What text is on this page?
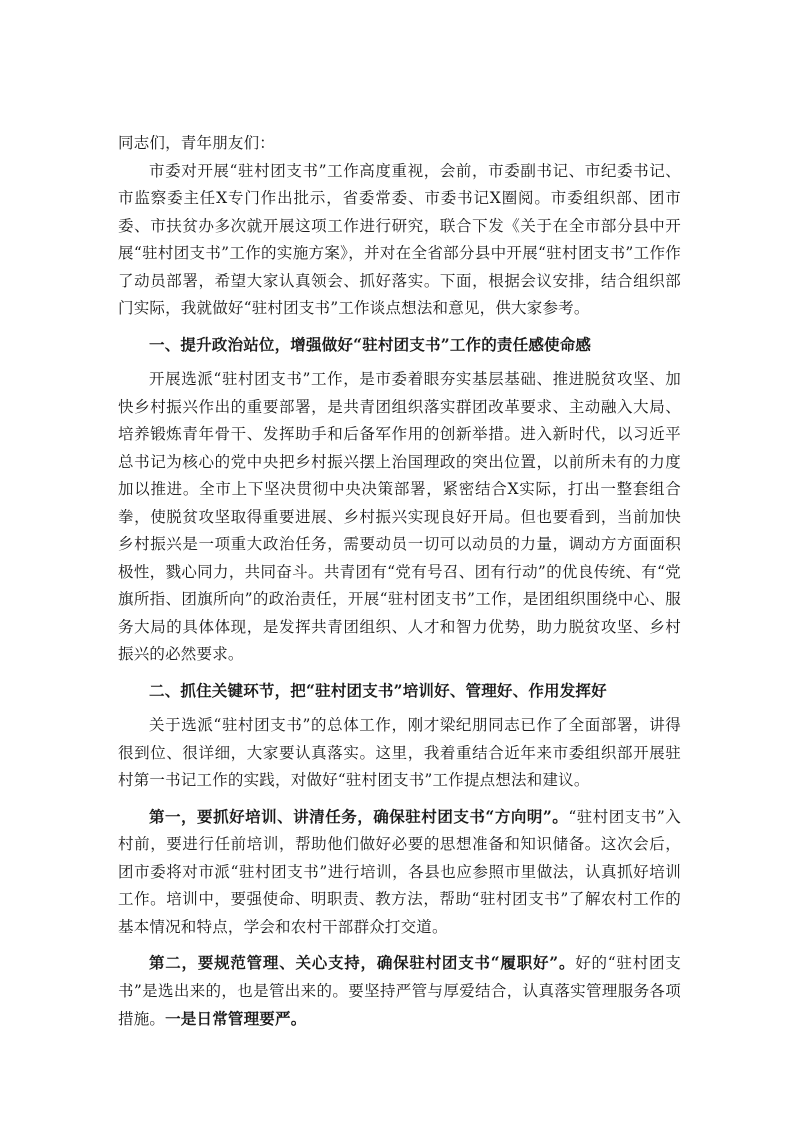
同志们，青年朋友们：

市委对开展“驻村团支书”工作高度重视，会前，市委副书记、市纪委书记、市监察委主任X专门作出批示，省委常委、市委书记X圈阅。市委组织部、团市委、市扶贫办多次就开展这项工作进行研究，联合下发《关于在全市部分县中开展“驻村团支书”工作的实施方案》，并对在全省部分县中开展“驻村团支书”工作作了动员部署，希望大家认真领会、抓好落实。下面，根据会议安排，结合组织部门实际，我就做好“驻村团支书”工作谈点想法和意见，供大家参考。

一、提升政治站位，增强做好“驻村团支书”工作的责任感使命感

开展选派“驻村团支书”工作，是市委着眼夯实基层基础、推进脱贫攻坚、加快乡村振兴作出的重要部署，是共青团组织落实群团改革要求、主动融入大局、培养锻炼青年骨干、发挥助手和后备军作用的创新举措。进入新时代，以习近平总书记为核心的党中央把乡村振兴摆上治国理政的突出位置，以前所未有的力度加以推进。全市上下坚决贯彻中央决策部署，紧密结合X实际，打出一整套组合拳，使脱贫攻坚取得重要进展、乡村振兴实现良好开局。但也要看到，当前加快乡村振兴是一项重大政治任务，需要动员一切可以动员的力量，调动方方面面积极性，戮心同力，共同奋斗。共青团有“党有号召、团有行动”的优良传统、有“党旗所指、团旗所向”的政治责任，开展“驻村团支书”工作，是团组织围绕中心、服务大局的具体体现，是发挥共青团组织、人才和智力优势，助力脱贫攻坚、乡村振兴的必然要求。

二、抓住关键环节，把“驻村团支书”培训好、管理好、作用发挥好

关于选派“驻村团支书”的总体工作，刚才梁纪朋同志已作了全面部署，讲得很到位、很详细，大家要认真落实。这里，我着重结合近年来市委组织部开展驻村第一书记工作的实践，对做好“驻村团支书”工作提点想法和建议。

第一，要抓好培训、讲清任务，确保驻村团支书“方向明”。“驻村团支书”入村前，要进行任前培训，帮助他们做好必要的思想准备和知识储备。这次会后，团市委将对市派“驻村团支书”进行培训，各县也应参照市里做法，认真抓好培训工作。培训中，要强使命、明职责、教方法，帮助“驻村团支书”了解农村工作的基本情况和特点，学会和农村干部群众打交道。

第二，要规范管理、关心支持，确保驻村团支书“履职好”。好的“驻村团支书”是选出来的，也是管出来的。要坚持严管与厚爱结合，认真落实管理服务各项措施。一是日常管理要严。
